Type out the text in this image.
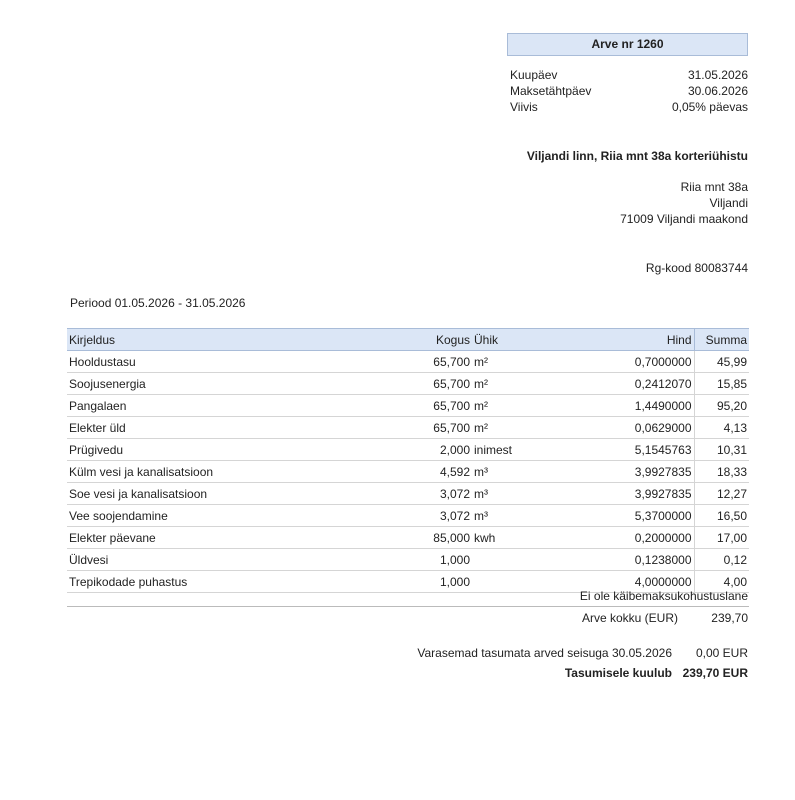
Arve nr 1260
Kuupäev	31.05.2026
Maksetähtpäev	30.06.2026
Viivis	0,05% päevas
Viljandi linn, Riia mnt 38a korteriühistu
Riia mnt 38a
Viljandi
71009 Viljandi maakond
Rg-kood 80083744
Periood 01.05.2026 - 31.05.2026
Kirjeldus	Kogus	Ühik	Hind	Summa
Hooldustasu	65,700	m²	0,7000000	45,99
Soojusenergia	65,700	m²	0,2412070	15,85
Pangalaen	65,700	m²	1,4490000	95,20
Elekter üld	65,700	m²	0,0629000	4,13
Prügivedu	2,000	inimest	5,1545763	10,31
Külm vesi ja kanalisatsioon	4,592	m³	3,9927835	18,33
Soe vesi ja kanalisatsioon	3,072	m³	3,9927835	12,27
Vee soojendamine	3,072	m³	5,3700000	16,50
Elekter päevane	85,000	kwh	0,2000000	17,00
Üldvesi	1,000		0,1238000	0,12
Trepikodade puhastus	1,000		4,0000000	4,00
Ei ole käibemaksukohustuslane
Arve kokku (EUR)	239,70
Varasemad tasumata arved seisuga 30.05.2026 0,00 EUR
Tasumisele kuulub 239,70 EUR
